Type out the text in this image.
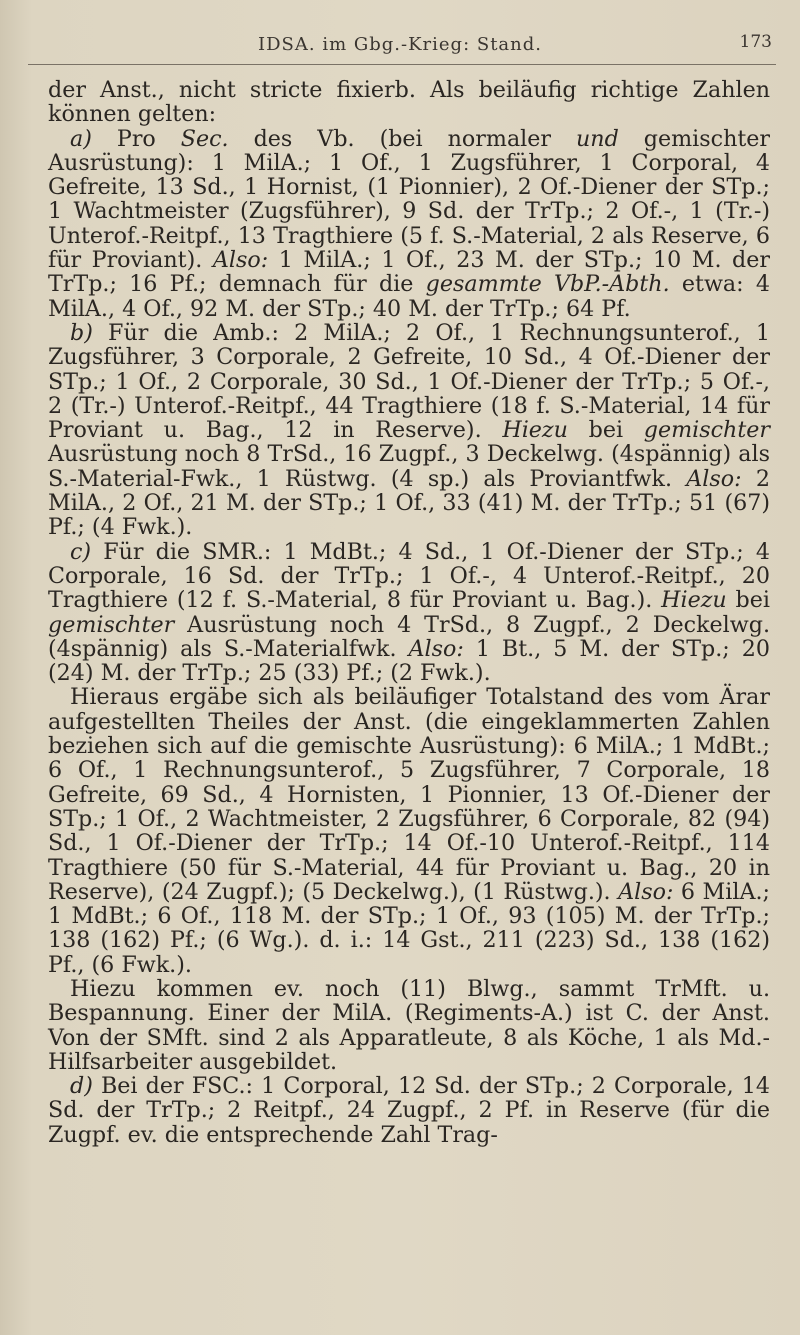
IDSA. im Gbg.-Krieg: Stand.	173

der Anst., nicht stricte fixierb. Als beiläufig richtige Zahlen können gelten:

a) Pro Sec. des Vb. (bei normaler und gemischter Ausrüstung): 1 MilA.; 1 Of., 1 Zugsführer, 1 Corporal, 4 Gefreite, 13 Sd., 1 Hornist, (1 Pionnier), 2 Of.-Diener der STp.; 1 Wachtmeister (Zugsführer), 9 Sd. der TrTp.; 2 Of.-, 1 (Tr.-) Unterof.-Reitpf., 13 Tragthiere (5 f. S.-Material, 2 als Reserve, 6 für Proviant). Also: 1 MilA.; 1 Of., 23 M. der STp.; 10 M. der TrTp.; 16 Pf.; demnach für die gesammte VbP.-Abth. etwa: 4 MilA., 4 Of., 92 M. der STp.; 40 M. der TrTp.; 64 Pf.

b) Für die Amb.: 2 MilA.; 2 Of., 1 Rechnungsunterof., 1 Zugsführer, 3 Corporale, 2 Gefreite, 10 Sd., 4 Of.-Diener der STp.; 1 Of., 2 Corporale, 30 Sd., 1 Of.-Diener der TrTp.; 5 Of.-, 2 (Tr.-) Unterof.-Reitpf., 44 Tragthiere (18 f. S.-Material, 14 für Proviant u. Bag., 12 in Reserve). Hiezu bei gemischter Ausrüstung noch 8 TrSd., 16 Zugpf., 3 Deckelwg. (4spännig) als S.-Material-Fwk., 1 Rüstwg. (4 sp.) als Proviantfwk. Also: 2 MilA., 2 Of., 21 M. der STp.; 1 Of., 33 (41) M. der TrTp.; 51 (67) Pf.; (4 Fwk.).

c) Für die SMR.: 1 MdBt.; 4 Sd., 1 Of.-Diener der STp.; 4 Corporale, 16 Sd. der TrTp.; 1 Of.-, 4 Unterof.-Reitpf., 20 Tragthiere (12 f. S.-Material, 8 für Proviant u. Bag.). Hiezu bei gemischter Ausrüstung noch 4 TrSd., 8 Zugpf., 2 Deckelwg. (4spännig) als S.-Materialfwk. Also: 1 Bt., 5 M. der STp.; 20 (24) M. der TrTp.; 25 (33) Pf.; (2 Fwk.).

Hieraus ergäbe sich als beiläufiger Totalstand des vom Ärar aufgestellten Theiles der Anst. (die eingeklammerten Zahlen beziehen sich auf die gemischte Ausrüstung): 6 MilA.; 1 MdBt.; 6 Of., 1 Rechnungsunterof., 5 Zugsführer, 7 Corporale, 18 Gefreite, 69 Sd., 4 Hornisten, 1 Pionnier, 13 Of.-Diener der STp.; 1 Of., 2 Wachtmeister, 2 Zugsführer, 6 Corporale, 82 (94) Sd., 1 Of.-Diener der TrTp.; 14 Of.-10 Unterof.-Reitpf., 114 Tragthiere (50 für S.-Material, 44 für Proviant u. Bag., 20 in Reserve), (24 Zugpf.); (5 Deckelwg.), (1 Rüstwg.). Also: 6 MilA.; 1 MdBt.; 6 Of., 118 M. der STp.; 1 Of., 93 (105) M. der TrTp.; 138 (162) Pf.; (6 Wg.). d. i.: 14 Gst., 211 (223) Sd., 138 (162) Pf., (6 Fwk.).

Hiezu kommen ev. noch (11) Blwg., sammt TrMft. u. Bespannung. Einer der MilA. (Regiments-A.) ist C. der Anst. Von der SMft. sind 2 als Apparatleute, 8 als Köche, 1 als Md.-Hilfsarbeiter ausgebildet.

d) Bei der FSC.: 1 Corporal, 12 Sd. der STp.; 2 Corporale, 14 Sd. der TrTp.; 2 Reitpf., 24 Zugpf., 2 Pf. in Reserve (für die Zugpf. ev. die entsprechende Zahl Trag-
